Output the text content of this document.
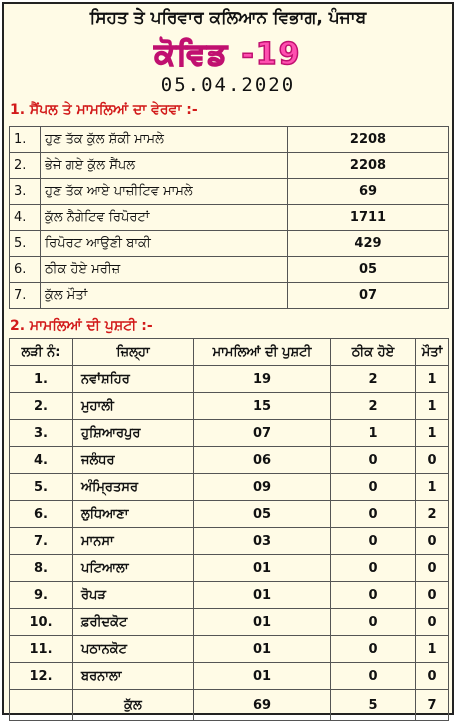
ਸਿਹਤ ਤੇ ਪਰਿਵਾਰ ਕਲਿਆਨ ਵਿਭਾਗ, ਪੰਜਾਬ
ਕੋਵਿਡ -19
05.04.2020
1. ਸੈਂਪਲ ਤੇ ਮਾਮਲਿਆਂ ਦਾ ਵੇਰਵਾ :-
1.	ਹੁਣ ਤੱਕ ਕੁੱਲ ਸ਼ੱਕੀ ਮਾਮਲੇ	2208
2.	ਭੇਜੇ ਗਏ ਕੁੱਲ ਸੈਂਪਲ	2208
3.	ਹੁਣ ਤੱਕ ਆਏ ਪਾਜ਼ੀਟਿਵ ਮਾਮਲੇ	69
4.	ਕੁੱਲ ਨੈਗੇਟਿਵ ਰਿਪੋਰਟਾਂ	1711
5.	ਰਿਪੋਰਟ ਆਉਣੀ ਬਾਕੀ	429
6.	ਠੀਕ ਹੋਏ ਮਰੀਜ਼	05
7.	ਕੁੱਲ ਮੌਤਾਂ	07
2. ਮਾਮਲਿਆਂ ਦੀ ਪੁਸ਼ਟੀ :-
ਲੜੀ ਨੰ:	ਜ਼ਿਲ੍ਹਾ	ਮਾਮਲਿਆਂ ਦੀ ਪੁਸ਼ਟੀ	ਠੀਕ ਹੋਏ	ਮੌਤਾਂ
1.	ਨਵਾਂਸ਼ਹਿਰ	19	2	1
2.	ਮੁਹਾਲੀ	15	2	1
3.	ਹੁਸ਼ਿਆਰਪੁਰ	07	1	1
4.	ਜਲੰਧਰ	06	0	0
5.	ਅੰਮ੍ਰਿਤਸਰ	09	0	1
6.	ਲੁਧਿਆਣਾ	05	0	2
7.	ਮਾਨਸਾ	03	0	0
8.	ਪਟਿਆਲਾ	01	0	0
9.	ਰੋਪੜ	01	0	0
10.	ਫ਼ਰੀਦਕੋਟ	01	0	0
11.	ਪਠਾਨਕੋਟ	01	0	1
12.	ਬਰਨਾਲਾ	01	0	0
	ਕੁੱਲ	69	5	7
